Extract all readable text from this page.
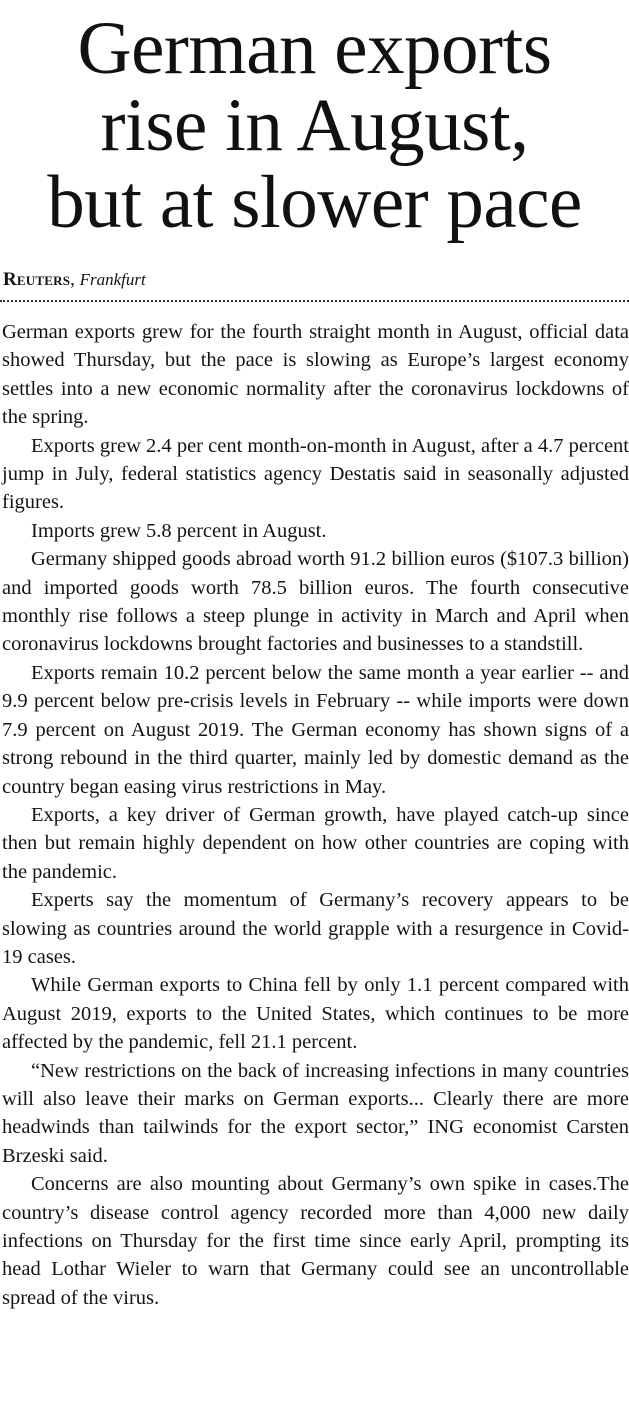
German exports
rise in August,
but at slower pace
Reuters, Frankfurt

German exports grew for the fourth straight month in August, official data showed Thursday, but the pace is slowing as Europe’s largest economy settles into a new economic normality after the coronavirus lockdowns of the spring.

Exports grew 2.4 per cent month-on-month in August, after a 4.7 percent jump in July, federal statistics agency Destatis said in seasonally adjusted figures.

Imports grew 5.8 percent in August.

Germany shipped goods abroad worth 91.2 billion euros ($107.3 billion) and imported goods worth 78.5 billion euros. The fourth consecutive monthly rise follows a steep plunge in activity in March and April when coronavirus lockdowns brought factories and businesses to a standstill.

Exports remain 10.2 percent below the same month a year earlier -- and 9.9 percent below pre-crisis levels in February -- while imports were down 7.9 percent on August 2019. The German economy has shown signs of a strong rebound in the third quarter, mainly led by domestic demand as the country began easing virus restrictions in May.

Exports, a key driver of German growth, have played catch-up since then but remain highly dependent on how other countries are coping with the pandemic.

Experts say the momentum of Germany’s recovery appears to be slowing as countries around the world grapple with a resurgence in Covid-19 cases.

While German exports to China fell by only 1.1 percent compared with August 2019, exports to the United States, which continues to be more affected by the pandemic, fell 21.1 percent.

“New restrictions on the back of increasing infections in many countries will also leave their marks on German exports... Clearly there are more headwinds than tailwinds for the export sector,” ING economist Carsten Brzeski said.

Concerns are also mounting about Germany’s own spike in cases.The country’s disease control agency recorded more than 4,000 new daily infections on Thursday for the first time since early April, prompting its head Lothar Wieler to warn that Germany could see an uncontrollable spread of the virus.
